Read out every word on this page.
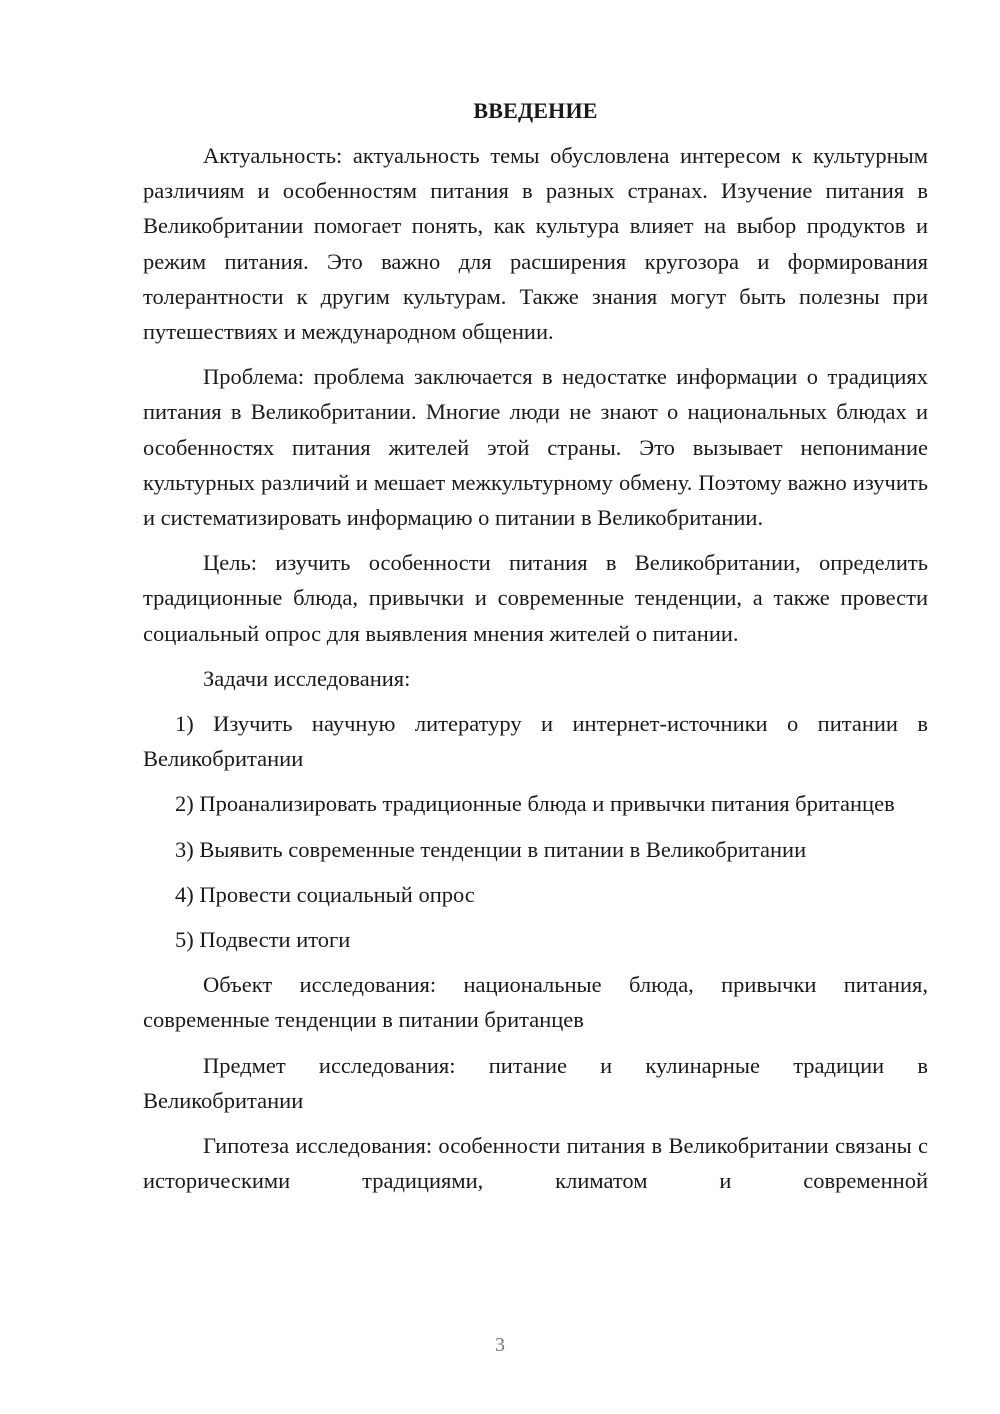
ВВЕДЕНИЕ

Актуальность: актуальность темы обусловлена интересом к культурным различиям и особенностям питания в разных странах. Изучение питания в Великобритании помогает понять, как культура влияет на выбор продуктов и режим питания. Это важно для расширения кругозора и формирования толерантности к другим культурам. Также знания могут быть полезны при путешествиях и международном общении.

Проблема: проблема заключается в недостатке информации о традициях питания в Великобритании. Многие люди не знают о национальных блюдах и особенностях питания жителей этой страны. Это вызывает непонимание культурных различий и мешает межкультурному обмену. Поэтому важно изучить и систематизировать информацию о питании в Великобритании.

Цель: изучить особенности питания в Великобритании, определить традиционные блюда, привычки и современные тенденции, а также провести социальный опрос для выявления мнения жителей о питании.

Задачи исследования:

1) Изучить научную литературу и интернет-источники о питании в Великобритании

2) Проанализировать традиционные блюда и привычки питания британцев

3) Выявить современные тенденции в питании в Великобритании

4) Провести социальный опрос

5) Подвести итоги

Объект исследования: национальные блюда, привычки питания, современные тенденции в питании британцев

Предмет исследования: питание и кулинарные традиции в Великобритании

Гипотеза исследования: особенности питания в Великобритании связаны с историческими традициями, климатом и современной

3
